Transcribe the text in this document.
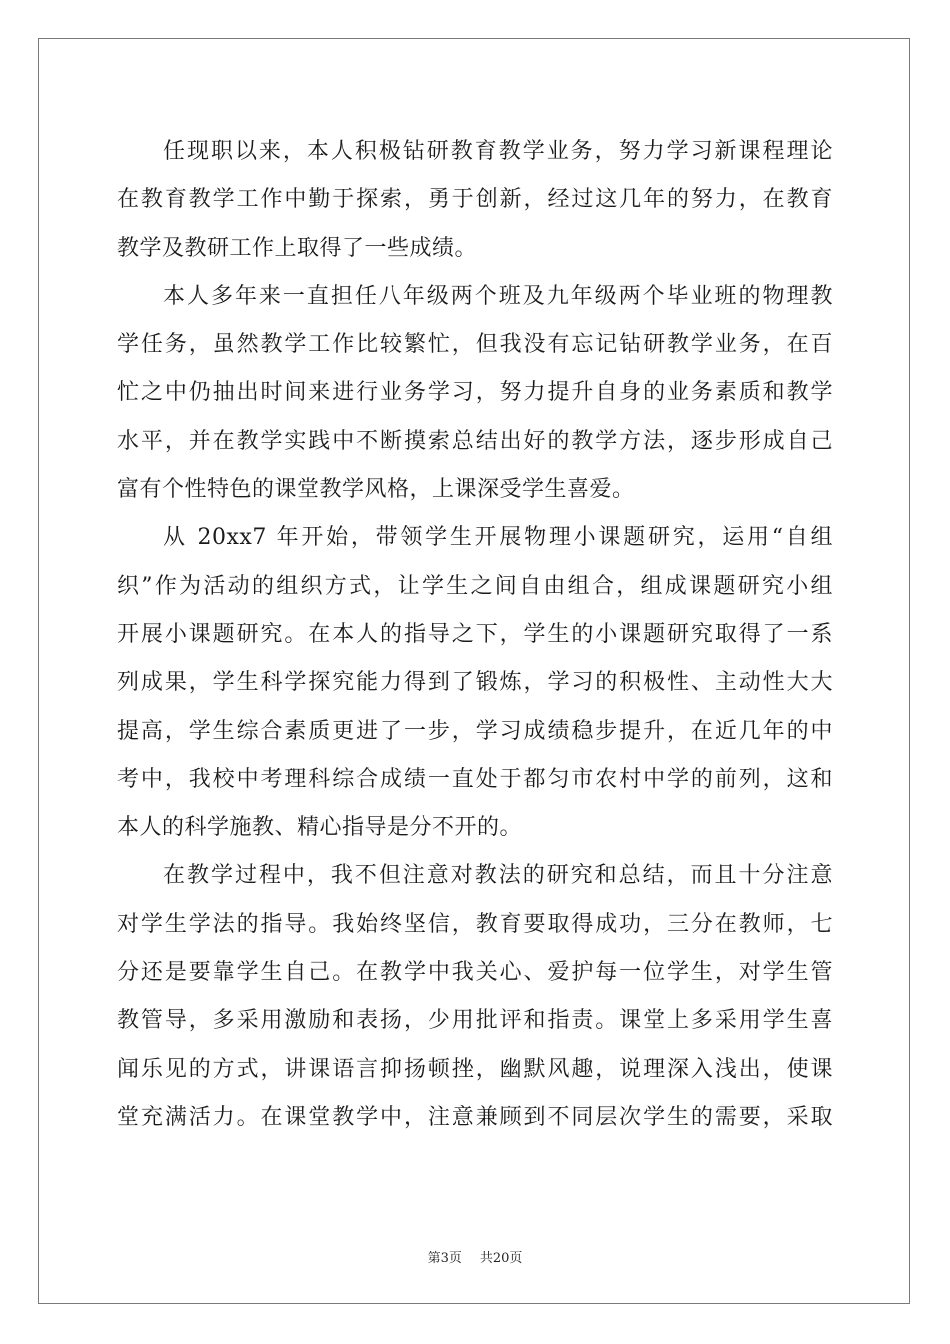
任现职以来，本人积极钻研教育教学业务，努力学习新课程理论
在教育教学工作中勤于探索，勇于创新，经过这几年的努力，在教育
教学及教研工作上取得了一些成绩。
本人多年来一直担任八年级两个班及九年级两个毕业班的物理教
学任务，虽然教学工作比较繁忙，但我没有忘记钻研教学业务，在百
忙之中仍抽出时间来进行业务学习，努力提升自身的业务素质和教学
水平，并在教学实践中不断摸索总结出好的教学方法，逐步形成自己
富有个性特色的课堂教学风格，上课深受学生喜爱。
从 20xx7 年开始，带领学生开展物理小课题研究，运用“自组
织”作为活动的组织方式，让学生之间自由组合，组成课题研究小组
开展小课题研究。在本人的指导之下，学生的小课题研究取得了一系
列成果，学生科学探究能力得到了锻炼，学习的积极性、主动性大大
提高，学生综合素质更进了一步，学习成绩稳步提升，在近几年的中
考中，我校中考理科综合成绩一直处于都匀市农村中学的前列，这和
本人的科学施教、精心指导是分不开的。
在教学过程中，我不但注意对教法的研究和总结，而且十分注意
对学生学法的指导。我始终坚信，教育要取得成功，三分在教师，七
分还是要靠学生自己。在教学中我关心、爱护每一位学生，对学生管
教管导，多采用激励和表扬，少用批评和指责。课堂上多采用学生喜
闻乐见的方式，讲课语言抑扬顿挫，幽默风趣，说理深入浅出，使课
堂充满活力。在课堂教学中，注意兼顾到不同层次学生的需要，采取
第3页 共20页
